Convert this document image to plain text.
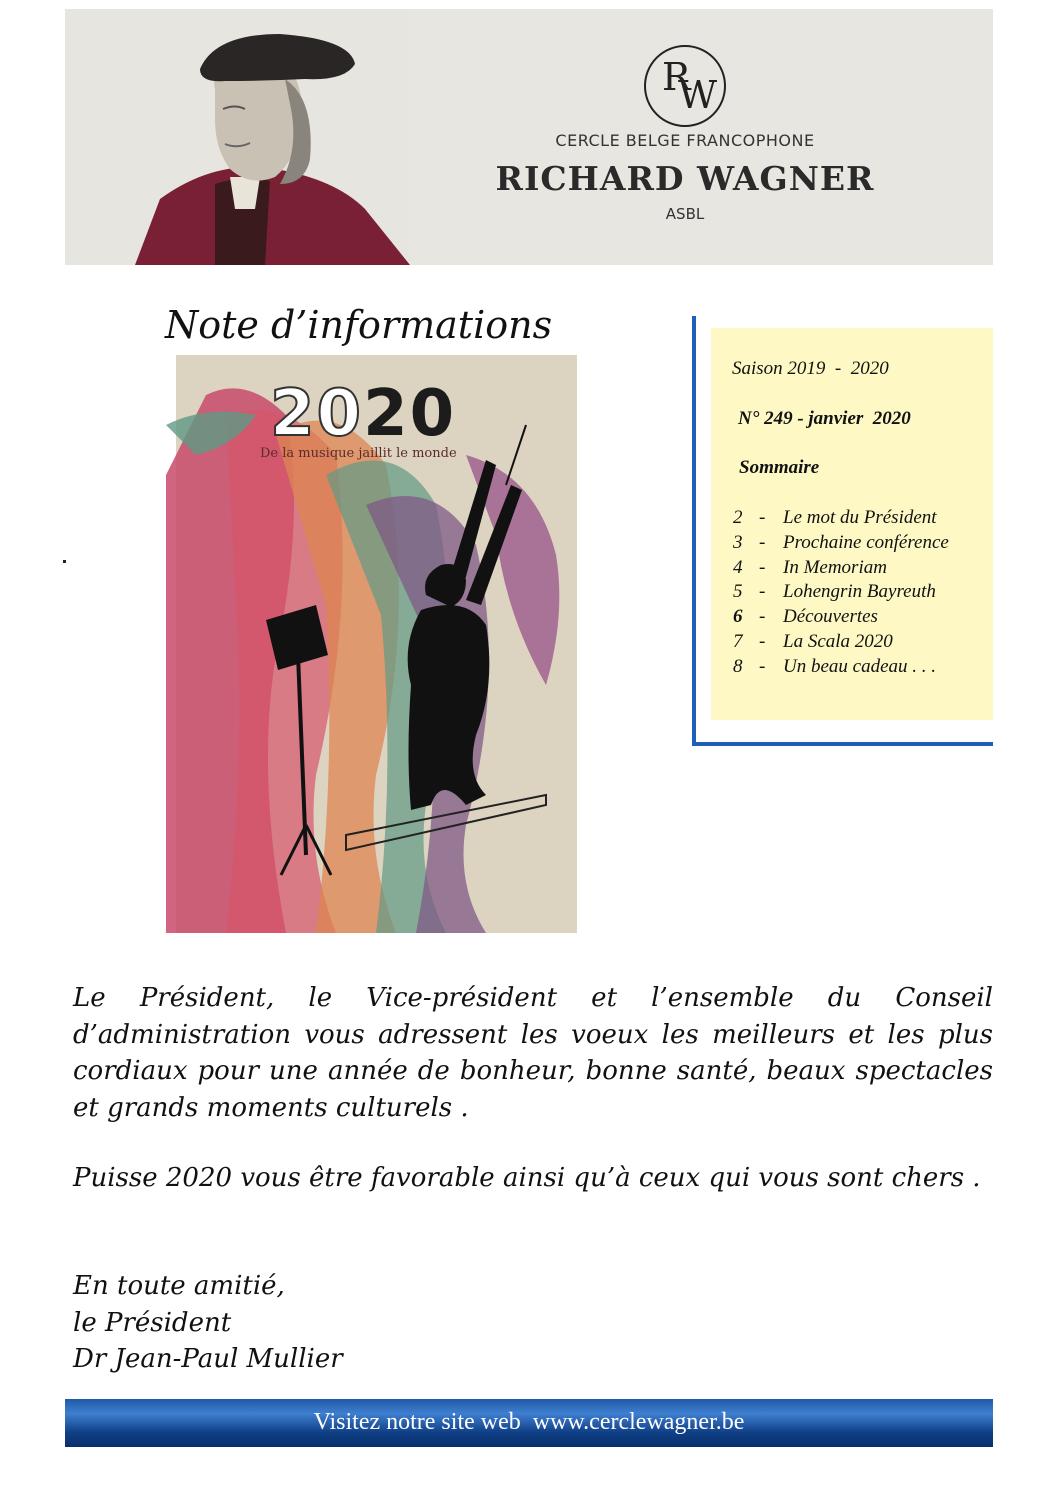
R
W
CERCLE BELGE FRANCOPHONE
RICHARD WAGNER
ASBL
Note d’informations
2020
De la musique jaillit le monde
Saison 2019  -  2020
N° 249 - janvier  2020
Sommaire
2 - Le mot du Président
3 - Prochaine conférence
4 - In Memoriam
5 - Lohengrin Bayreuth
6 - Découvertes
7 - La Scala 2020
8 - Un beau cadeau . . .
Le Président, le Vice-président et l’ensemble du Conseil d’administration vous adressent les voeux les meilleurs et les plus cordiaux pour une année de bonheur, bonne santé, beaux spectacles et grands moments culturels .
Puisse 2020 vous être favorable ainsi qu’à ceux qui vous sont chers .
En toute amitié,
le Président
Dr Jean-Paul Mullier
Visitez notre site web  www.cerclewagner.be
